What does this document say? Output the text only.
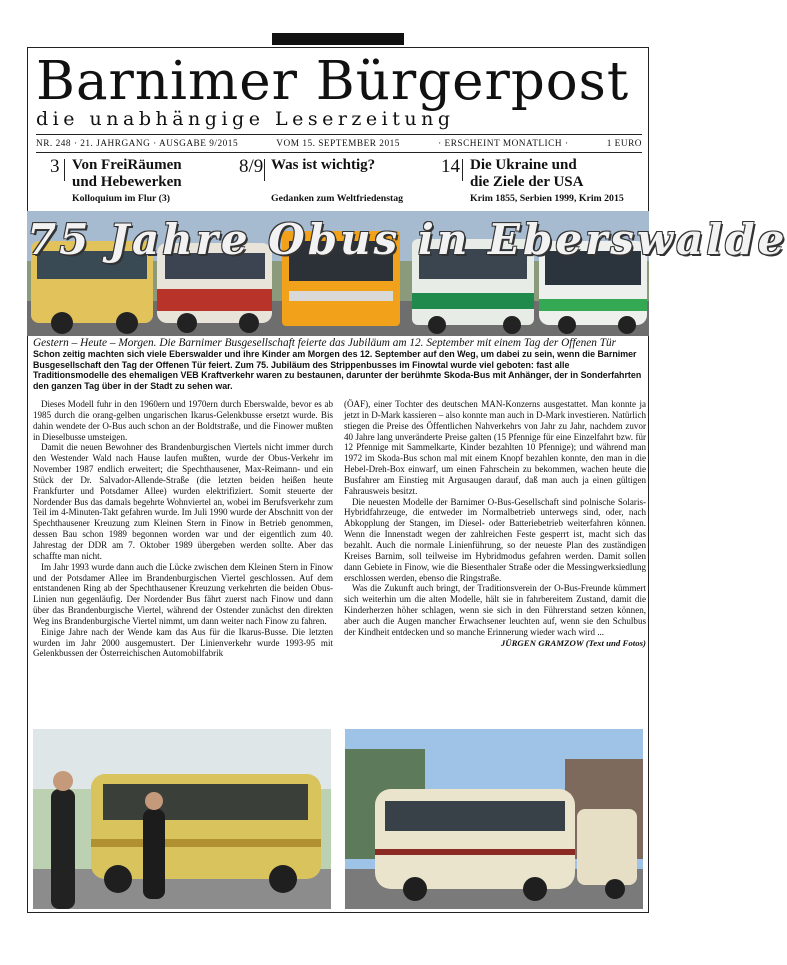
Barnimer Bürgerpost
die unabhängige Leserzeitung
NR. 248 · 21. JAHRGANG · AUSGABE 9/2015	VOM 15. SEPTEMBER 2015	· ERSCHEINT MONATLICH ·	1 EURO
3 Von FreiRäumen
und Hebewerken
Kolloquium im Flur (3)
8/9 Was ist wichtig?
Gedanken zum Weltfriedenstag
14 Die Ukraine und
die Ziele der USA
Krim 1855, Serbien 1999, Krim 2015
75 Jahre Obus in Eberswalde
Gestern – Heute – Morgen. Die Barnimer Busgesellschaft feierte das Jubiläum am 12. September mit einem Tag der Offenen Tür
Schon zeitig machten sich viele Eberswalder und ihre Kinder am Morgen des 12. September auf den Weg, um dabei zu sein, wenn die Barnimer Busgesellschaft den Tag der Offenen Tür feiert. Zum 75. Jubiläum des Strippenbusses im Finowtal wurde viel geboten: fast alle Traditionsmodelle des ehemaligen VEB Kraftverkehr waren zu bestaunen, darunter der berühmte Skoda-Bus mit Anhänger, der in Sonderfahrten den ganzen Tag über in der Stadt zu sehen war.

Dieses Modell fuhr in den 1960ern und 1970ern durch Eberswalde, bevor es ab 1985 durch die orang-gelben ungarischen Ikarus-Gelenkbusse ersetzt wurde. Bis dahin wendete der O-Bus auch schon an der Boldtstraße, und die Finower mußten in Dieselbusse umsteigen.

Damit die neuen Bewohner des Brandenburgischen Viertels nicht immer durch den Westender Wald nach Hause laufen mußten, wurde der Obus-Verkehr im November 1987 endlich erweitert; die Spechthausener, Max-Reimann- und ein Stück der Dr. Salvador-Allende-Straße (die letzten beiden heißen heute Frankfurter und Potsdamer Allee) wurden elektrifiziert. Somit steuerte der Nordender Bus das damals begehrte Wohnviertel an, wobei im Berufsverkehr zum Teil im 4-Minuten-Takt gefahren wurde. Im Juli 1990 wurde der Abschnitt von der Spechthausener Kreuzung zum Kleinen Stern in Finow in Betrieb genommen, dessen Bau schon 1989 begonnen worden war und der eigentlich zum 40. Jahrestag der DDR am 7. Oktober 1989 übergeben werden sollte. Aber das schaffte man nicht.

Im Jahr 1993 wurde dann auch die Lücke zwischen dem Kleinen Stern in Finow und der Potsdamer Allee im Brandenburgischen Viertel geschlossen. Auf dem entstandenen Ring ab der Spechthausener Kreuzung verkehrten die beiden Obus-Linien nun gegenläufig. Der Nordender Bus fährt zuerst nach Finow und dann über das Brandenburgische Viertel, während der Ostender zunächst den direkten Weg ins Brandenburgische Viertel nimmt, um dann weiter nach Finow zu fahren.

Einige Jahre nach der Wende kam das Aus für die Ikarus-Busse. Die letzten wurden im Jahr 2000 ausgemustert. Der Linienverkehr wurde 1993-95 mit Gelenkbussen der Österreichischen Automobilfabrik

(ÖAF), einer Tochter des deutschen MAN-Konzerns ausgestattet. Man konnte ja jetzt in D-Mark kassieren – also konnte man auch in D-Mark investieren. Natürlich stiegen die Preise des Öffentlichen Nahverkehrs von Jahr zu Jahr, nachdem zuvor 40 Jahre lang unveränderte Preise galten (15 Pfennige für eine Einzelfahrt bzw. für 12 Pfennige mit Sammelkarte, Kinder bezahlten 10 Pfennige); und während man 1972 im Skoda-Bus schon mal mit einem Knopf bezahlen konnte, den man in die Hebel-Dreh-Box einwarf, um einen Fahrschein zu bekommen, wachen heute die Busfahrer am Einstieg mit Argusaugen darauf, daß man auch ja einen gültigen Fahrausweis besitzt.

Die neuesten Modelle der Barnimer O-Bus-Gesellschaft sind polnische Solaris-Hybridfahrzeuge, die entweder im Normalbetrieb unterwegs sind, oder, nach Abkopplung der Stangen, im Diesel- oder Batteriebetrieb weiterfahren können. Wenn die Innenstadt wegen der zahlreichen Feste gesperrt ist, macht sich das bezahlt. Auch die normale Linienführung, so der neueste Plan des zuständigen Kreises Barnim, soll teilweise im Hybridmodus gefahren werden. Damit sollen dann Gebiete in Finow, wie die Biesenthaler Straße oder die Messingwerksiedlung erschlossen werden, ebenso die Ringstraße.

Was die Zukunft auch bringt, der Traditionsverein der O-Bus-Freunde kümmert sich weiterhin um die alten Modelle, hält sie in fahrbereitem Zustand, damit die Kinderherzen höher schlagen, wenn sie sich in den Führerstand setzen können, aber auch die Augen mancher Erwachsener leuchten auf, wenn sie den Schulbus der Kindheit entdecken und so manche Erinnerung wieder wach wird ...

JÜRGEN GRAMZOW (Text und Fotos)
